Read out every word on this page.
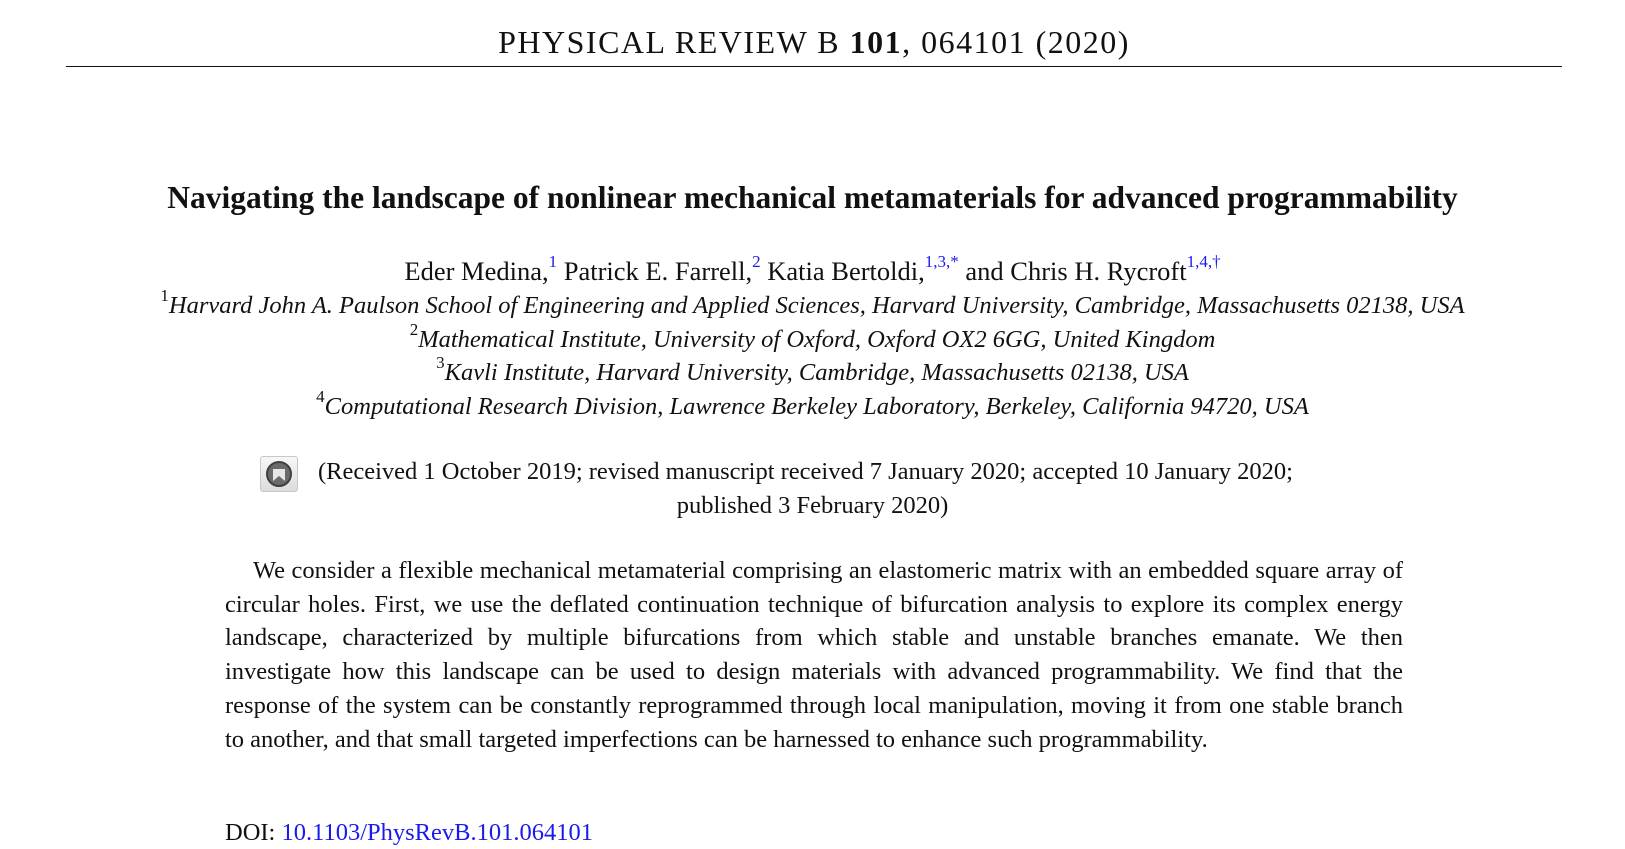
PHYSICAL REVIEW B 101, 064101 (2020)
Navigating the landscape of nonlinear mechanical metamaterials for advanced programmability
Eder Medina,$^1$ Patrick E. Farrell,$^2$ Katia Bertoldi,$^{1,3,*}$ and Chris H. Rycroft$^{1,4,\dagger}$
$^1$Harvard John A. Paulson School of Engineering and Applied Sciences, Harvard University, Cambridge, Massachusetts 02138, USA
$^2$Mathematical Institute, University of Oxford, Oxford OX2 6GG, United Kingdom
$^3$Kavli Institute, Harvard University, Cambridge, Massachusetts 02138, USA
$^4$Computational Research Division, Lawrence Berkeley Laboratory, Berkeley, California 94720, USA
(Received 1 October 2019; revised manuscript received 7 January 2020; accepted 10 January 2020;
published 3 February 2020)

We consider a flexible mechanical metamaterial comprising an elastomeric matrix with an embedded square array of circular holes. First, we use the deflated continuation technique of bifurcation analysis to explore its complex energy landscape, characterized by multiple bifurcations from which stable and unstable branches emanate. We then investigate how this landscape can be used to design materials with advanced programmability. We find that the response of the system can be constantly reprogrammed through local manipulation, moving it from one stable branch to another, and that small targeted imperfections can be harnessed to enhance such programmability.

DOI: 10.1103/PhysRevB.101.064101
